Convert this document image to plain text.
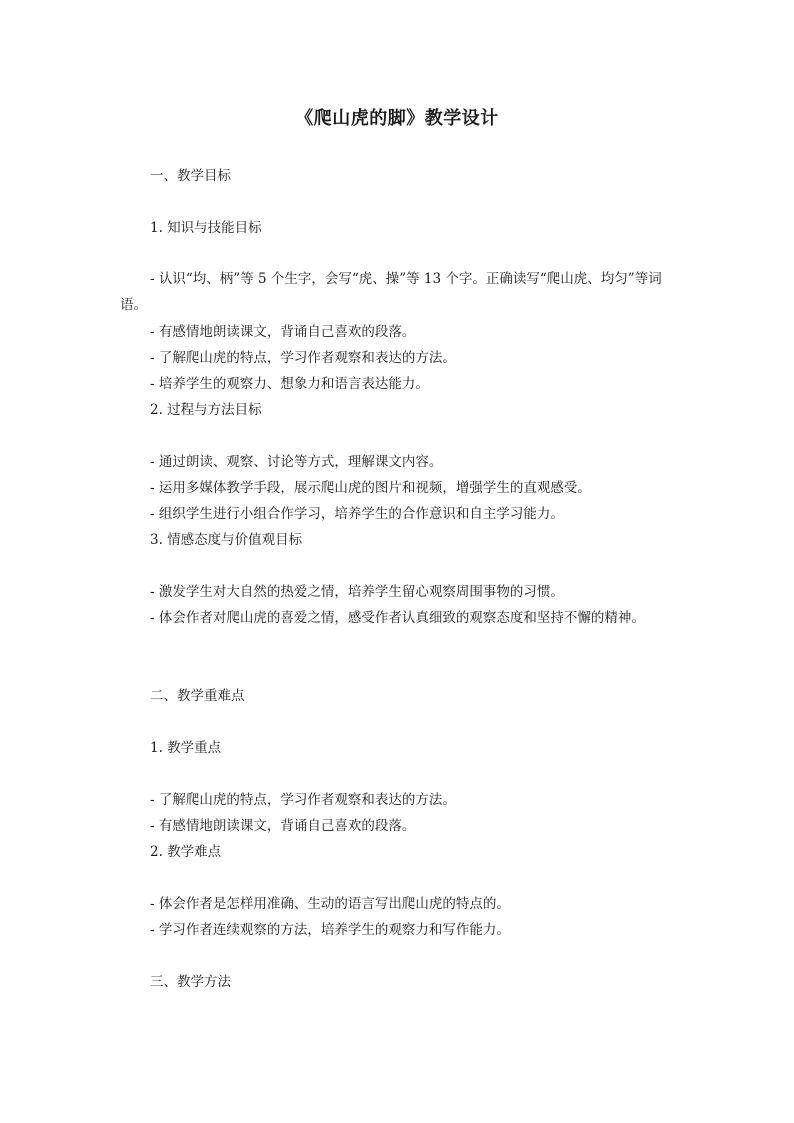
《爬山虎的脚》教学设计

一、教学目标

1. 知识与技能目标

- 认识“均、柄”等 5 个生字，会写“虎、操”等 13 个字。正确读写“爬山虎、均匀”等词语。

- 有感情地朗读课文，背诵自己喜欢的段落。

- 了解爬山虎的特点，学习作者观察和表达的方法。

- 培养学生的观察力、想象力和语言表达能力。

2. 过程与方法目标

- 通过朗读、观察、讨论等方式，理解课文内容。

- 运用多媒体教学手段，展示爬山虎的图片和视频，增强学生的直观感受。

- 组织学生进行小组合作学习，培养学生的合作意识和自主学习能力。

3. 情感态度与价值观目标

- 激发学生对大自然的热爱之情，培养学生留心观察周围事物的习惯。

- 体会作者对爬山虎的喜爱之情，感受作者认真细致的观察态度和坚持不懈的精神。

二、教学重难点

1. 教学重点

- 了解爬山虎的特点，学习作者观察和表达的方法。

- 有感情地朗读课文，背诵自己喜欢的段落。

2. 教学难点

- 体会作者是怎样用准确、生动的语言写出爬山虎的特点的。

- 学习作者连续观察的方法，培养学生的观察力和写作能力。

三、教学方法
